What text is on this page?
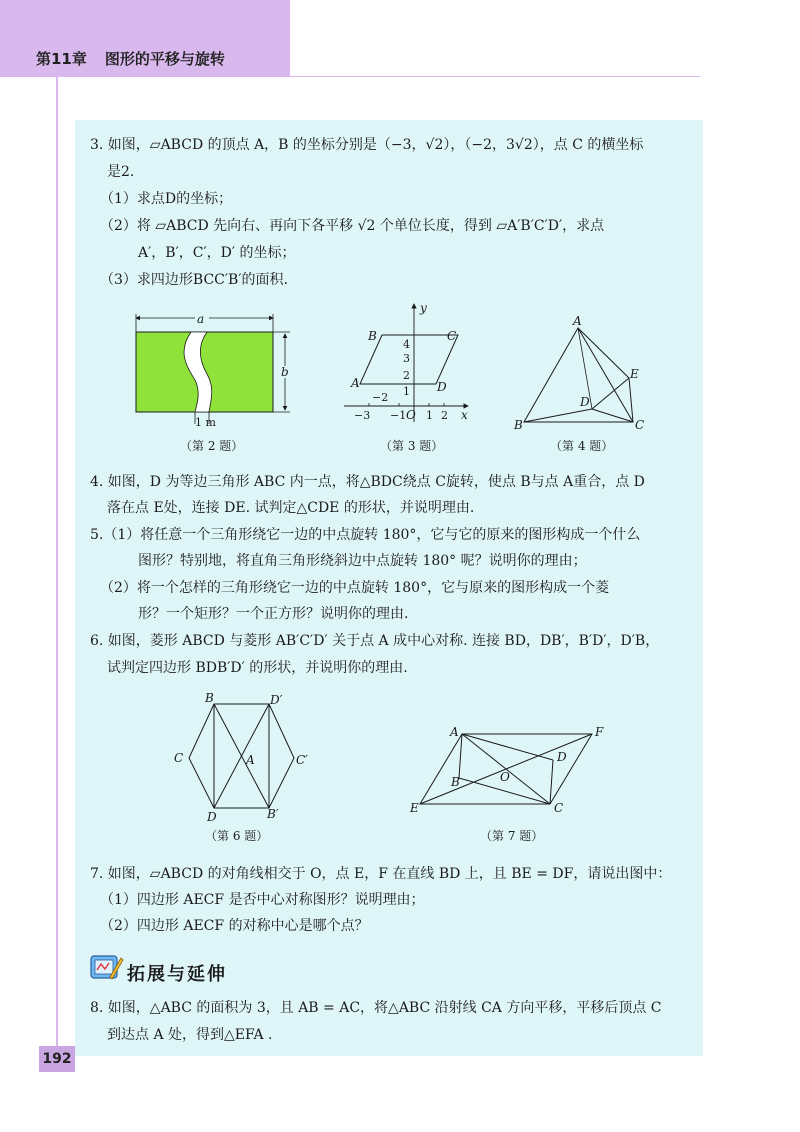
第11章 图形的平移与旋转
3. 如图，▱ABCD 的顶点 A，B 的坐标分别是（−3，√2），（−2，3√2），点 C 的横坐标
是2.
（1）求点D的坐标；
（2）将 ▱ABCD 先向右、再向下各平移 √2 个单位长度，得到 ▱A′B′C′D′，求点
A′，B′，C′，D′ 的坐标；
（3）求四边形BCC′B′的面积.
a
b
1 m
（第 2 题）
y
x
B	C
A	D
4
3
2
1
−2
−3 −1 O 1 2
（第 3 题）
A
B	C
D
E
（第 4 题）
4. 如图，D 为等边三角形 ABC 内一点，将△BDC绕点 C旋转，使点 B与点 A重合，点 D
落在点 E处，连接 DE. 试判定△CDE 的形状，并说明理由.
5.（1）将任意一个三角形绕它一边的中点旋转 180°，它与它的原来的图形构成一个什么
图形？特别地，将直角三角形绕斜边中点旋转 180° 呢？说明你的理由；
（2）将一个怎样的三角形绕它一边的中点旋转 180°，它与原来的图形构成一个菱
形？一个矩形？一个正方形？说明你的理由.
6. 如图，菱形 ABCD 与菱形 AB′C′D′ 关于点 A 成中心对称. 连接 BD，DB′，B′D′，D′B，
试判定四边形 BDB′D′ 的形状，并说明你的理由.
B	D′
C	C′
A
D	B′
（第 6 题）
A	F
B
D
O
E	C
（第 7 题）
7. 如图，▱ABCD 的对角线相交于 O，点 E，F 在直线 BD 上，且 BE = DF，请说出图中：
（1）四边形 AECF 是否中心对称图形？说明理由；
（2）四边形 AECF 的对称中心是哪个点？
拓展与延伸
8. 如图，△ABC 的面积为 3，且 AB = AC，将△ABC 沿射线 CA 方向平移，平移后顶点 C
到达点 A 处，得到△EFA .
192
